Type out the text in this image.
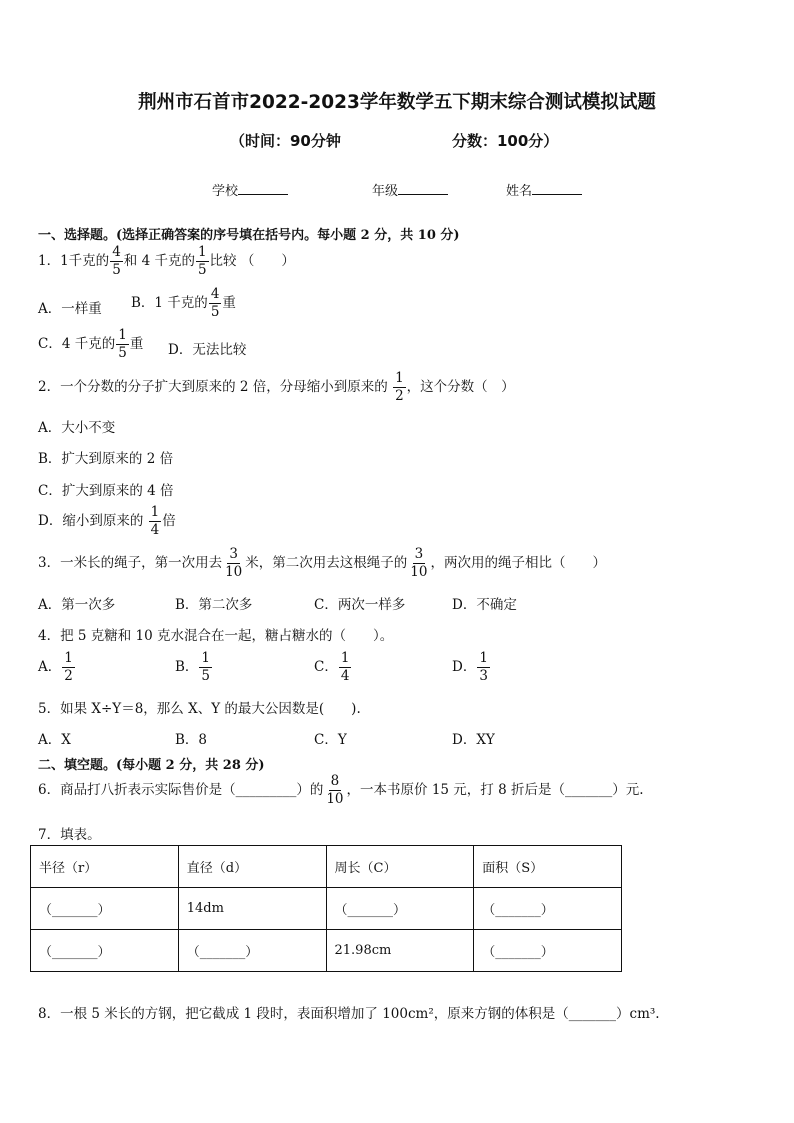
荆州市石首市2022-2023学年数学五下期末综合测试模拟试题
（时间：90分钟	分数：100分）
学校	年级	姓名
一、选择题。(选择正确答案的序号填在括号内。每小题 2 分，共 10 分)
1．1千克的 $\frac{4}{5}$ 和 4 千克的 $\frac{1}{5}$ 比较 （　　）
A．一样重 B．1 千克的 $\frac{4}{5}$ 重
C．4 千克的 $\frac{1}{5}$ 重 D．无法比较
2．一个分数的分子扩大到原来的 2 倍，分母缩小到原来的 $\frac{1}{2}$ ，这个分数（　）
A．大小不变
B．扩大到原来的 2 倍
C．扩大到原来的 4 倍
D．缩小到原来的 $\frac{1}{4}$ 倍
3．一米长的绳子，第一次用去 $\frac{3}{10}$ 米，第二次用去这根绳子的 $\frac{3}{10}$ ，两次用的绳子相比（　　）
A．第一次多	B．第二次多	C．两次一样多	D．不确定
4．把 5 克糖和 10 克水混合在一起，糖占糖水的（　　）。
A． $\frac{1}{2}$	B． $\frac{1}{5}$	C． $\frac{1}{4}$	D． $\frac{1}{3}$
5．如果 X÷Y＝8，那么 X、Y 的最大公因数是(　　).
A．X	B．8	C．Y	D．XY
二、填空题。(每小题 2 分，共 28 分)
6．商品打八折表示实际售价是（_________）的 $\frac{8}{10}$ ，一本书原价 15 元，打 8 折后是（_______）元.
7．填表。
半径（r）	直径（d）	周长（C）	面积（S）
（_______）	14dm	（_______）	（_______）
（_______）	（_______）	21.98cm	（_______）
8．一根 5 米长的方钢，把它截成 1 段时，表面积增加了 100cm²，原来方钢的体积是（_______）cm³.
